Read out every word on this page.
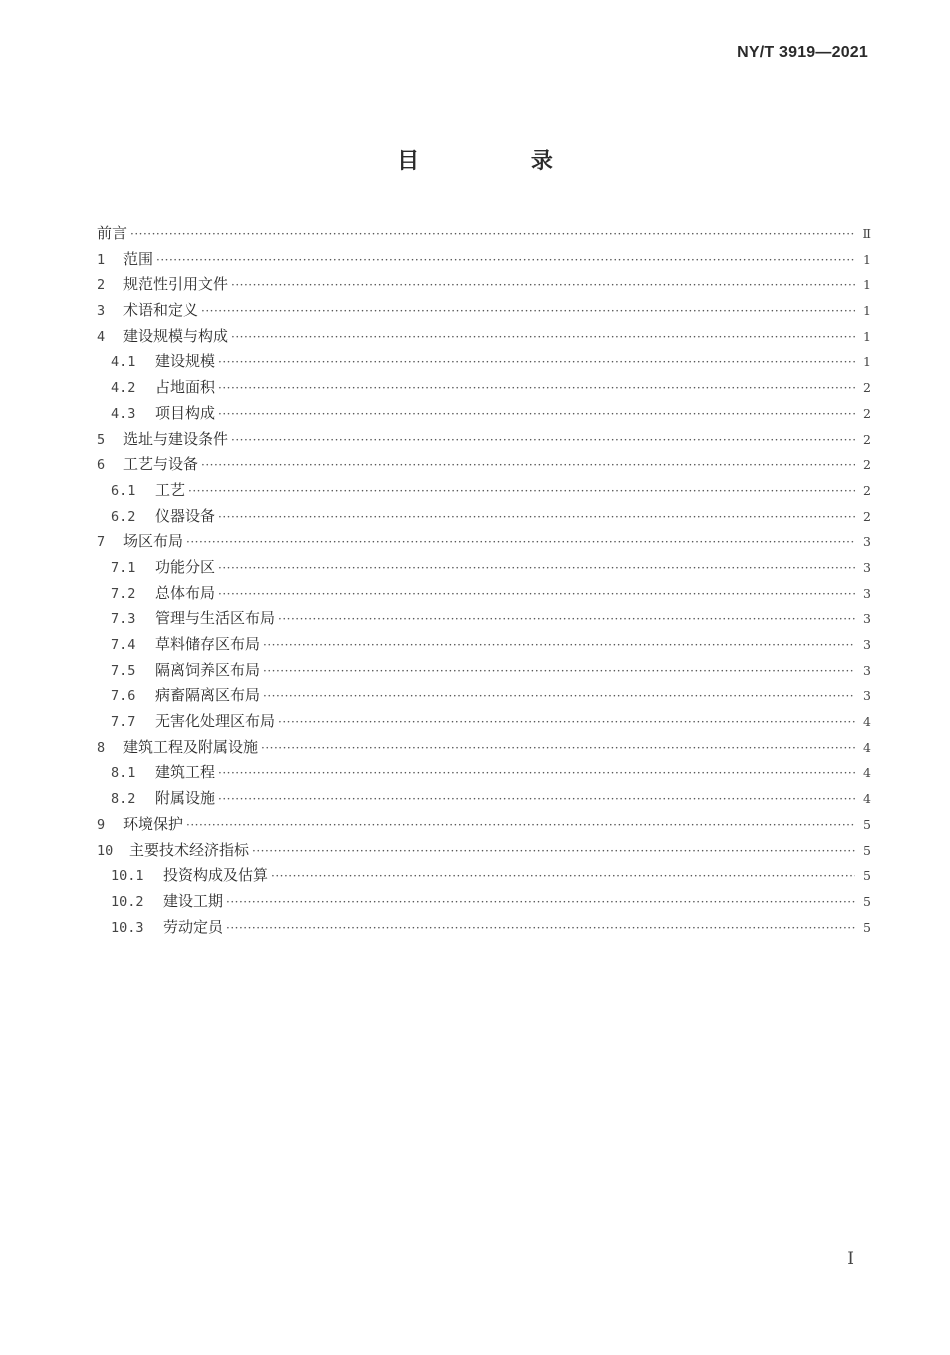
NY/T 3919—2021
目 录
前言 ·····	Ⅱ
1	范围 ·····	1
2	规范性引用文件 ·····	1
3	术语和定义 ·····	1
4	建设规模与构成 ·····	1
4.1	建设规模 ·····	1
4.2	占地面积 ·····	2
4.3	项目构成 ·····	2
5	选址与建设条件 ·····	2
6	工艺与设备 ·····	2
6.1	工艺 ·····	2
6.2	仪器设备 ·····	2
7	场区布局 ·····	3
7.1	功能分区 ·····	3
7.2	总体布局 ·····	3
7.3	管理与生活区布局 ·····	3
7.4	草料储存区布局 ·····	3
7.5	隔离饲养区布局 ·····	3
7.6	病畜隔离区布局 ·····	3
7.7	无害化处理区布局 ·····	4
8	建筑工程及附属设施 ·····	4
8.1	建筑工程 ·····	4
8.2	附属设施 ·····	4
9	环境保护 ·····	5
10	主要技术经济指标 ·····	5
10.1	投资构成及估算 ·····	5
10.2	建设工期 ·····	5
10.3	劳动定员 ·····	5
Ⅰ
